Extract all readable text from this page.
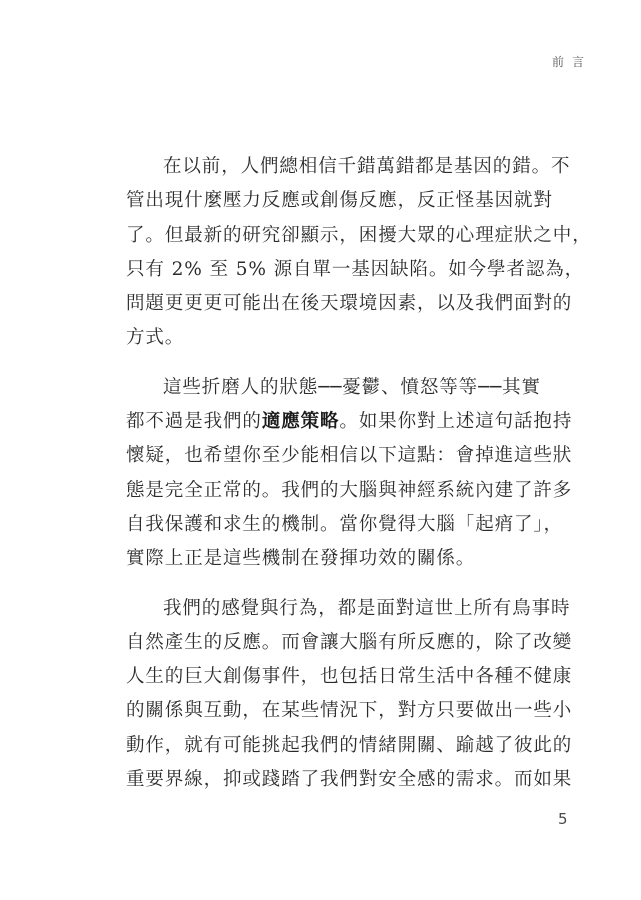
前言
在以前，人們總相信千錯萬錯都是基因的錯。不
管出現什麼壓力反應或創傷反應，反正怪基因就對
了。但最新的研究卻顯示，困擾大眾的心理症狀之中，
只有 2% 至 5% 源自單一基因缺陷。如今學者認為，
問題更更更可能出在後天環境因素，以及我們面對的
方式。
這些折磨人的狀態──憂鬱、憤怒等等──其實
都不過是我們的適應策略。如果你對上述這句話抱持
懷疑，也希望你至少能相信以下這點：會掉進這些狀
態是完全正常的。我們的大腦與神經系統內建了許多
自我保護和求生的機制。當你覺得大腦「起痟了」，
實際上正是這些機制在發揮功效的關係。
我們的感覺與行為，都是面對這世上所有鳥事時
自然產生的反應。而會讓大腦有所反應的，除了改變
人生的巨大創傷事件，也包括日常生活中各種不健康
的關係與互動，在某些情況下，對方只要做出一些小
動作，就有可能挑起我們的情緒開關、踰越了彼此的
重要界線，抑或踐踏了我們對安全感的需求。而如果
5
